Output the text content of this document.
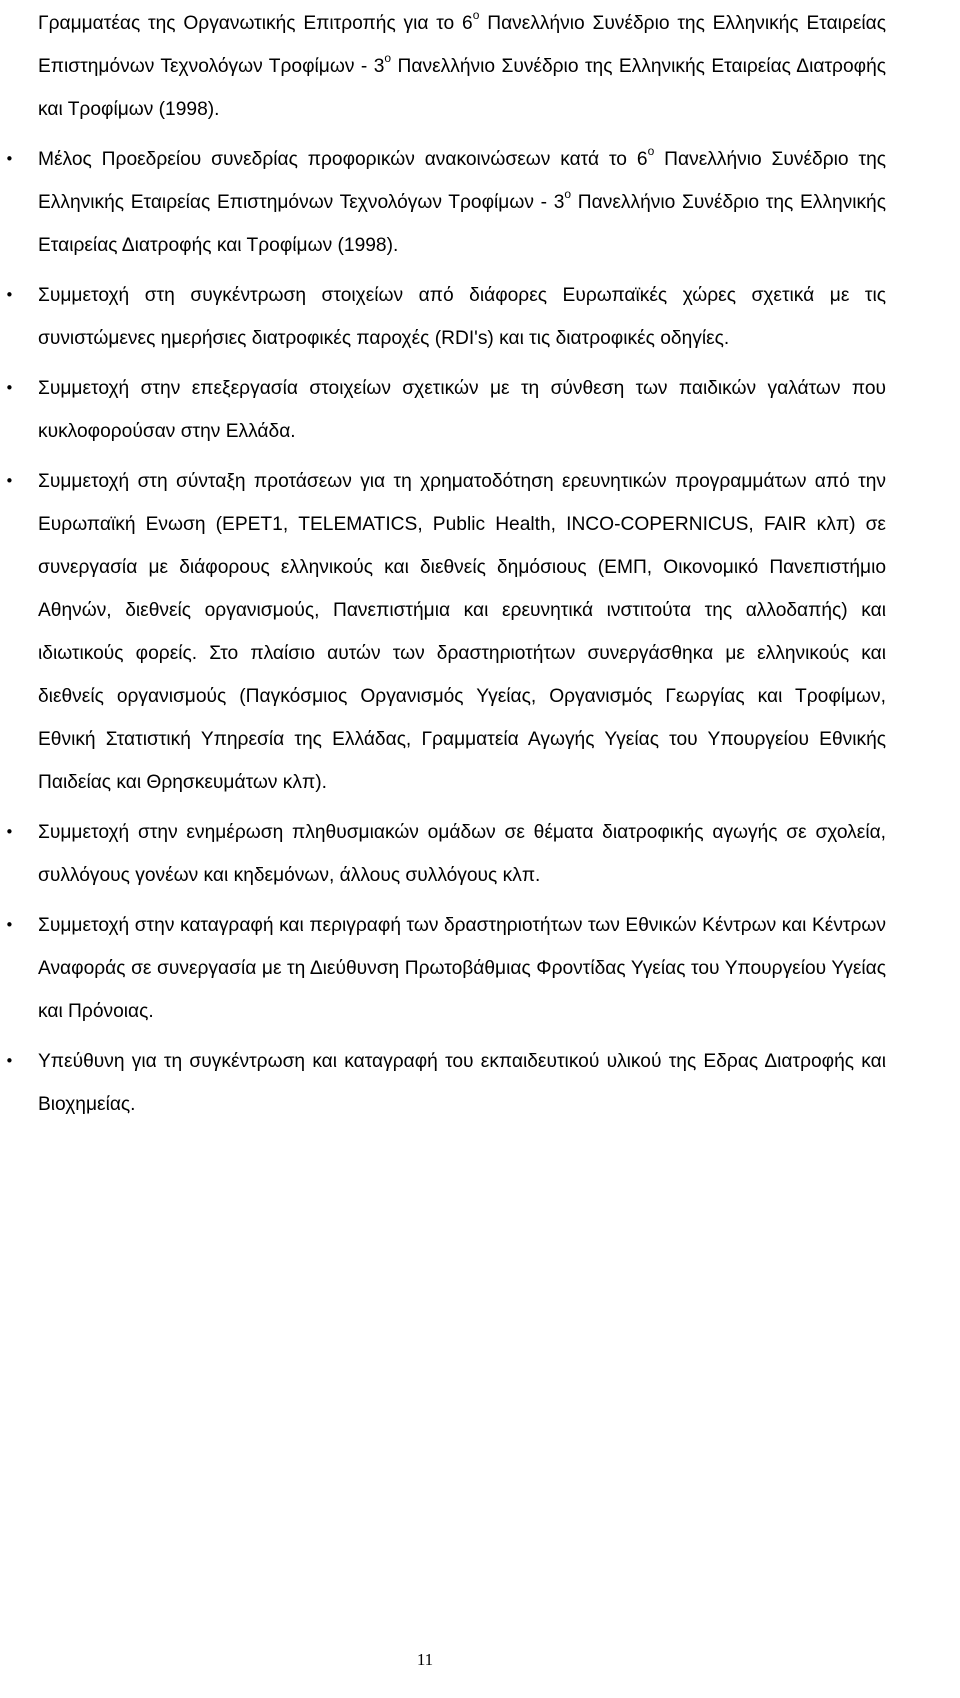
Γραμματέας της Οργανωτικής Επιτροπής για το $6^o$ Πανελλήνιο Συνέδριο της Ελληνικής Εταιρείας Επιστημόνων Τεχνολόγων Τροφίμων - $3^o$ Πανελλήνιο Συνέδριο της Ελληνικής Εταιρείας Διατροφής και Τροφίμων (1998).

• Μέλος Προεδρείου συνεδρίας προφορικών ανακοινώσεων κατά το $6^o$ Πανελλήνιο Συνέδριο της Ελληνικής Εταιρείας Επιστημόνων Τεχνολόγων Τροφίμων - $3^o$ Πανελλήνιο Συνέδριο της Ελληνικής Εταιρείας Διατροφής και Τροφίμων (1998).

• Συμμετοχή στη συγκέντρωση στοιχείων από διάφορες Ευρωπαϊκές χώρες σχετικά με τις συνιστώμενες ημερήσιες διατροφικές παροχές (RDI's) και τις διατροφικές οδηγίες.

• Συμμετοχή στην επεξεργασία στοιχείων σχετικών με τη σύνθεση των παιδικών γαλάτων που κυκλοφορούσαν στην Ελλάδα.

• Συμμετοχή στη σύνταξη προτάσεων για τη χρηματοδότηση ερευνητικών προγραμμάτων από την Ευρωπαϊκή Ενωση (ΕΡΕΤ1, TELEMATICS, Public Health, INCO-COPERNICUS, FAIR κλπ) σε συνεργασία με διάφορους ελληνικούς και διεθνείς δημόσιους (ΕΜΠ, Οικονομικό Πανεπιστήμιο Αθηνών, διεθνείς οργανισμούς, Πανεπιστήμια και ερευνητικά ινστιτούτα της αλλοδαπής) και ιδιωτικούς φορείς. Στο πλαίσιο αυτών των δραστηριοτήτων συνεργάσθηκα με ελληνικούς και διεθνείς οργανισμούς (Παγκόσμιος Οργανισμός Υγείας, Οργανισμός Γεωργίας και Τροφίμων, Εθνική Στατιστική Υπηρεσία της Ελλάδας, Γραμματεία Αγωγής Υγείας του Υπουργείου Εθνικής Παιδείας και Θρησκευμάτων κλπ).

• Συμμετοχή στην ενημέρωση πληθυσμιακών ομάδων σε θέματα διατροφικής αγωγής σε σχολεία, συλλόγους γονέων και κηδεμόνων, άλλους συλλόγους κλπ.

• Συμμετοχή στην καταγραφή και περιγραφή των δραστηριοτήτων των Εθνικών Κέντρων και Κέντρων Αναφοράς σε συνεργασία με τη Διεύθυνση Πρωτοβάθμιας Φροντίδας Υγείας του Υπουργείου Υγείας και Πρόνοιας.

• Υπεύθυνη για τη συγκέντρωση και καταγραφή του εκπαιδευτικού υλικού της Εδρας Διατροφής και Βιοχημείας.

11
